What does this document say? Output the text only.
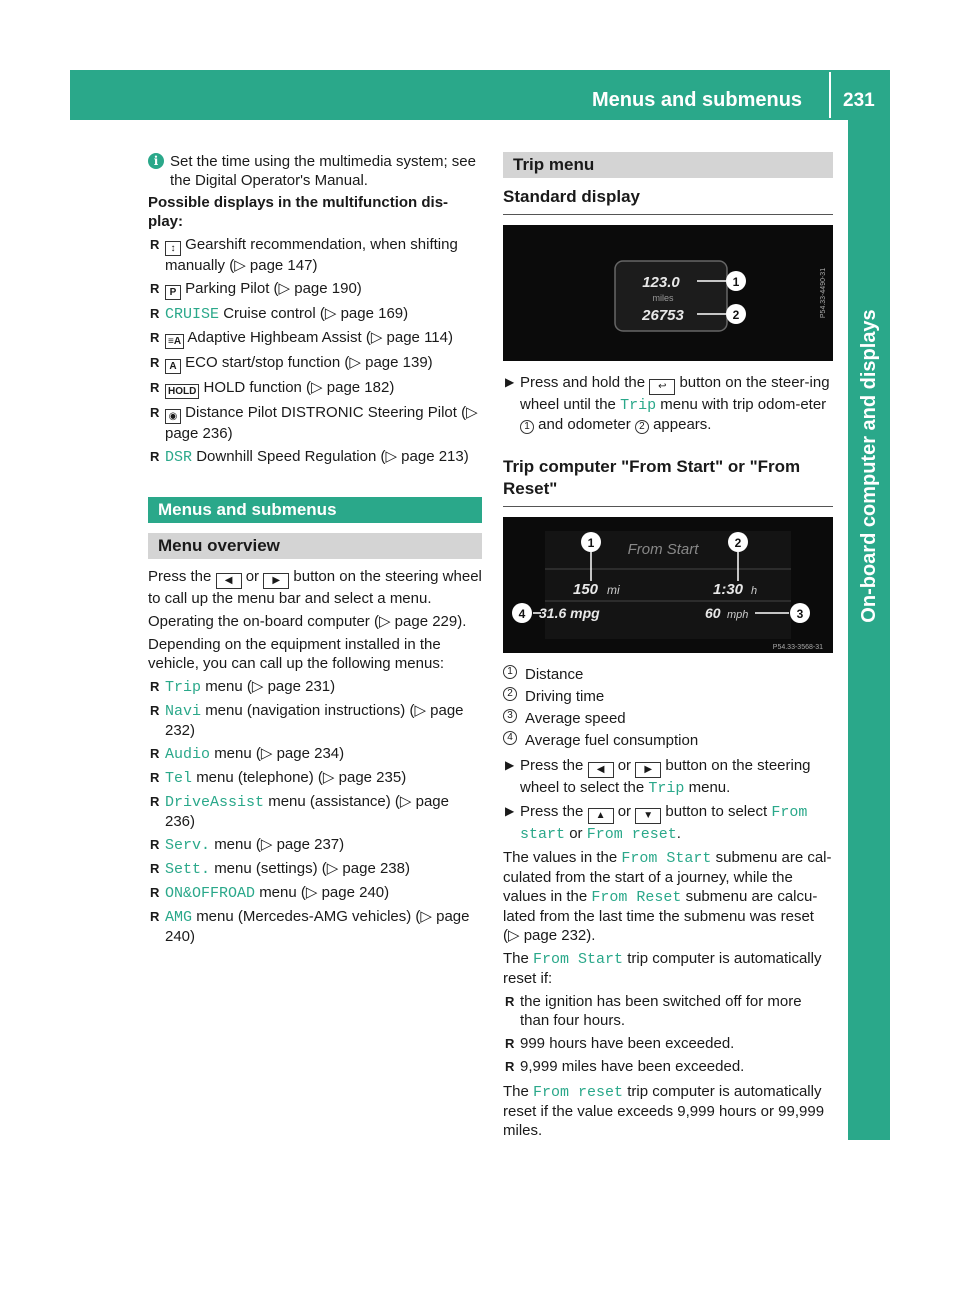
Menus and submenus 231
On-board computer and displays
i Set the time using the multimedia system; see the Digital Operator's Manual.

Possible displays in the multifunction dis-play:

R ↕ Gearshift recommendation, when shifting manually (▷ page 147)
R P Parking Pilot (▷ page 190)
R CRUISE Cruise control (▷ page 169)
R ≡A Adaptive Highbeam Assist (▷ page 114)
R A ECO start/stop function (▷ page 139)
R HOLD HOLD function (▷ page 182)
R ◉ Distance Pilot DISTRONIC Steering Pilot (▷ page 236)
R DSR Downhill Speed Regulation (▷ page 213)
Menus and submenus
Menu overview

Press the ◀ or ▶ button on the steering wheel to call up the menu bar and select a menu.

Operating the on-board computer (▷ page 229).

Depending on the equipment installed in the vehicle, you can call up the following menus:

R Trip menu (▷ page 231)
R Navi menu (navigation instructions) (▷ page 232)
R Audio menu (▷ page 234)
R Tel menu (telephone) (▷ page 235)
R DriveAssist menu (assistance) (▷ page 236)
R Serv. menu (▷ page 237)
R Sett. menu (settings) (▷ page 238)
R ON&OFFROAD menu (▷ page 240)
R AMG menu (Mercedes-AMG vehicles) (▷ page 240)
Trip menu
Standard display
123.0
miles
26753
1
2	P54.33-4490-31
▶ Press and hold the ↩ button on the steer-ing wheel until the Trip menu with trip odom-eter 1 and odometer 2 appears.
Trip computer "From Start" or "From Reset"
From Start
150 mi	1:30 h
31.6 mpg	60 mph
1	2
3
4
P54.33-3568-31
1 Distance
2 Driving time
3 Average speed
4 Average fuel consumption
▶ Press the ◀ or ▶ button on the steering wheel to select the Trip menu.
▶ Press the ▲ or ▼ button to select From start or From reset.

The values in the From Start submenu are cal-culated from the start of a journey, while the values in the From Reset submenu are calcu-lated from the last time the submenu was reset (▷ page 232).

The From Start trip computer is automatically reset if:

R the ignition has been switched off for more than four hours.
R 999 hours have been exceeded.
R 9,999 miles have been exceeded.

The From reset trip computer is automatically reset if the value exceeds 9,999 hours or 99,999 miles.
